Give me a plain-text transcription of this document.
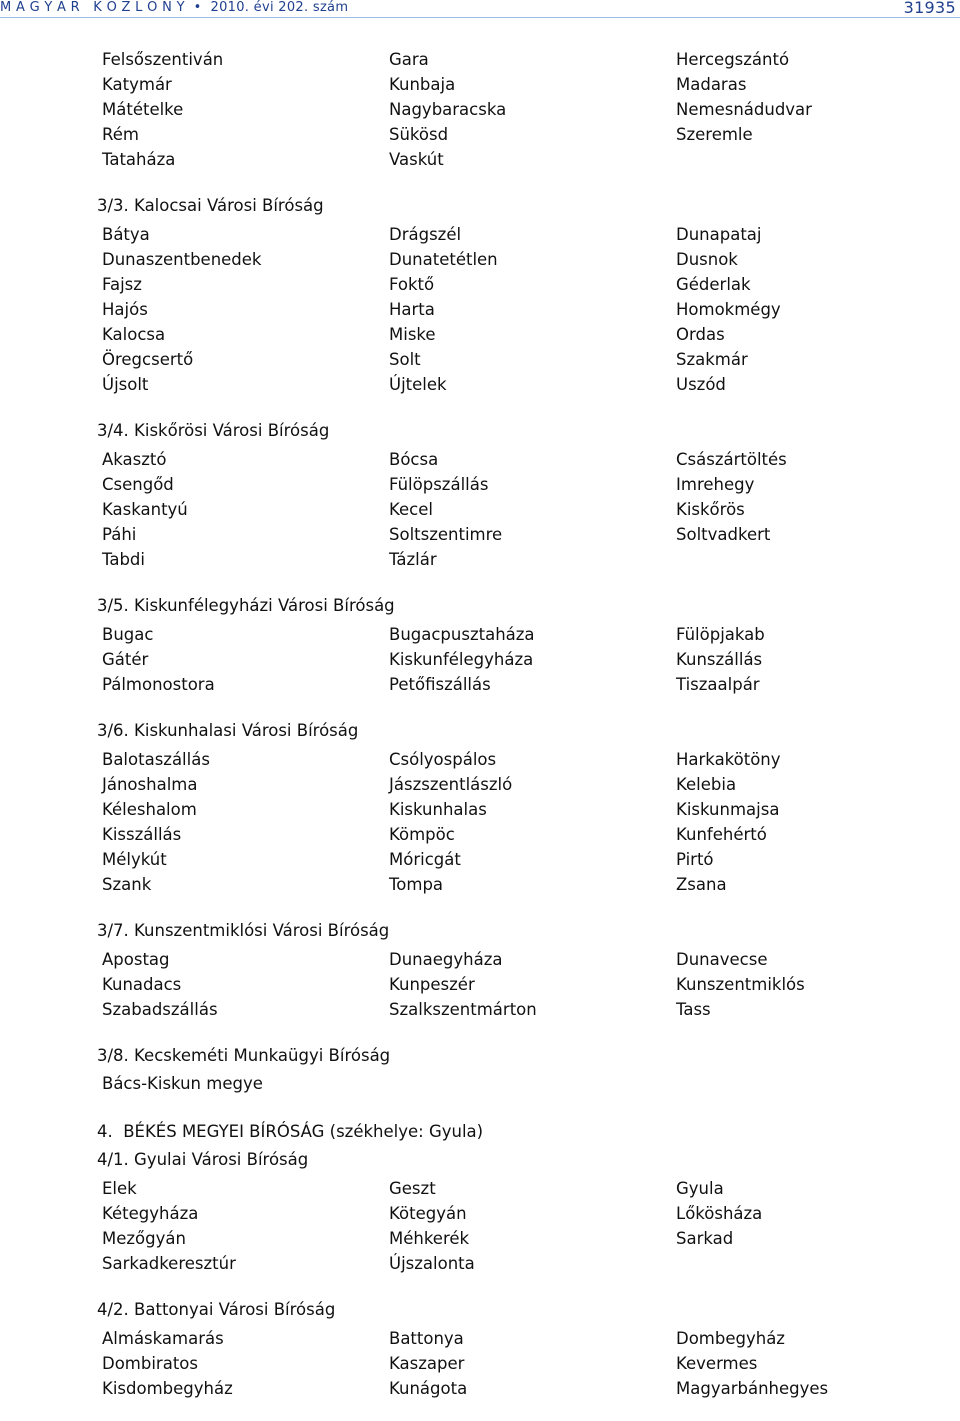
M A G Y A R   K Ö Z L Ö N Y  •  2010. évi 202. szám	31935
Felsőszentiván	Gara	Hercegszántó
Katymár	Kunbaja	Madaras
Mátételke	Nagybaracska	Nemesnádudvar
Rém	Sükösd	Szeremle
Tataháza	Vaskút
3/3. Kalocsai Városi Bíróság
Bátya	Drágszél	Dunapataj
Dunaszentbenedek	Dunatetétlen	Dusnok
Fajsz	Foktő	Géderlak
Hajós	Harta	Homokmégy
Kalocsa	Miske	Ordas
Öregcsertő	Solt	Szakmár
Újsolt	Újtelek	Uszód
3/4. Kiskőrösi Városi Bíróság
Akasztó	Bócsa	Császártöltés
Csengőd	Fülöpszállás	Imrehegy
Kaskantyú	Kecel	Kiskőrös
Páhi	Soltszentimre	Soltvadkert
Tabdi	Tázlár
3/5. Kiskunfélegyházi Városi Bíróság
Bugac	Bugacpusztaháza	Fülöpjakab
Gátér	Kiskunfélegyháza	Kunszállás
Pálmonostora	Petőfiszállás	Tiszaalpár
3/6. Kiskunhalasi Városi Bíróság
Balotaszállás	Csólyospálos	Harkakötöny
Jánoshalma	Jászszentlászló	Kelebia
Kéleshalom	Kiskunhalas	Kiskunmajsa
Kisszállás	Kömpöc	Kunfehértó
Mélykút	Móricgát	Pirtó
Szank	Tompa	Zsana
3/7. Kunszentmiklósi Városi Bíróság
Apostag	Dunaegyháza	Dunavecse
Kunadacs	Kunpeszér	Kunszentmiklós
Szabadszállás	Szalkszentmárton	Tass
3/8. Kecskeméti Munkaügyi Bíróság
Bács-Kiskun megye
4.  BÉKÉS MEGYEI BÍRÓSÁG (székhelye: Gyula)
4/1. Gyulai Városi Bíróság
Elek	Geszt	Gyula
Kétegyháza	Kötegyán	Lőkösháza
Mezőgyán	Méhkerék	Sarkad
Sarkadkeresztúr	Újszalonta
4/2. Battonyai Városi Bíróság
Almáskamarás	Battonya	Dombegyház
Dombiratos	Kaszaper	Kevermes
Kisdombegyház	Kunágota	Magyarbánhegyes
